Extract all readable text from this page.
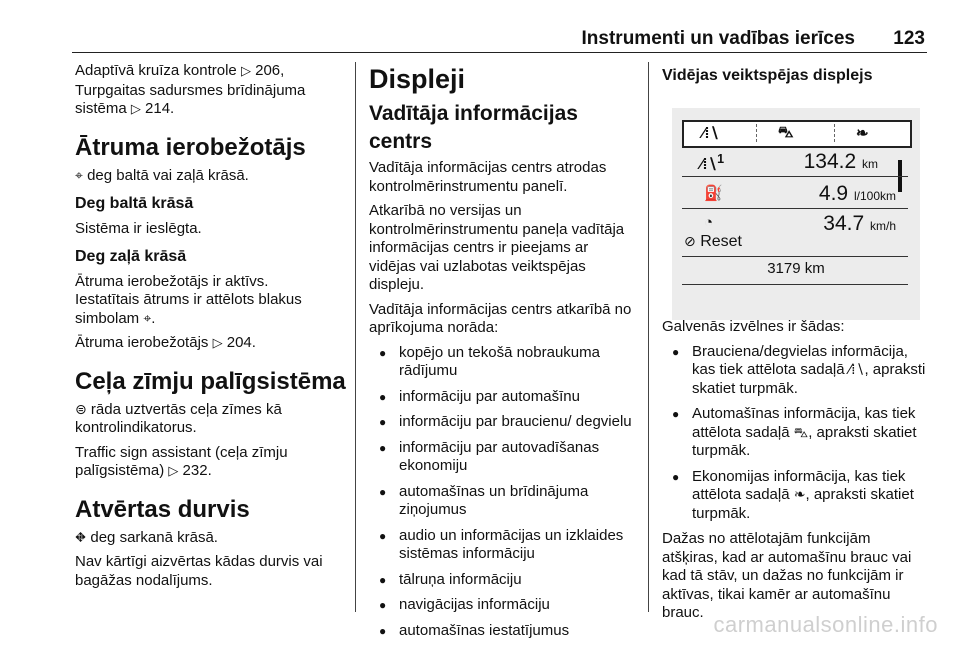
Instrumenti un vadības ierīces 123

Adaptīvā kruīza kontrole ▷ 206,
Turpgaitas sadursmes brīdinājuma sistēma ▷ 214.

Ātruma ierobežotājs

⌖ deg baltā vai zaļā krāsā.

Deg baltā krāsā

Sistēma ir ieslēgta.

Deg zaļā krāsā

Ātruma ierobežotājs ir aktīvs.

Iestatītais ātrums ir attēlots blakus simbolam ⌖.

Ātruma ierobežotājs ▷ 204.

Ceļa zīmju palīgsistēma

⊜ rāda uztvertās ceļa zīmes kā kontrolindikatorus.

Traffic sign assistant (ceļa zīmju palīgsistēma) ▷ 232.

Atvērtas durvis

⛖ deg sarkanā krāsā.

Nav kārtīgi aizvērtas kādas durvis vai bagāžas nodalījums.

Displeji
Vadītāja informācijas centrs

Vadītāja informācijas centrs atrodas kontrolmērinstrumentu panelī.

Atkarībā no versijas un kontrolmērinstrumentu paneļa vadītāja informācijas centrs ir pieejams ar vidējas vai uzlabotas veiktspējas displeju.

Vadītāja informācijas centrs atkarībā no aprīkojuma norāda:

● kopējo un tekošā nobraukuma rādījumu
● informāciju par automašīnu
● informāciju par braucienu/ degvielu
● informāciju par autovadīšanas ekonomiju
● automašīnas un brīdinājuma ziņojumus
● audio un informācijas un izklaides sistēmas informāciju
● tālruņa informāciju
● navigācijas informāciju
● automašīnas iestatījumus
Vidējas veiktspējas displejs
⁄⁞∖	⛍	❧
⁄⁞∖$^1$	134.2 km
⛽	4.9 l/100km
◔	34.7 km/h
⊘ Reset
3179 km

Galvenās izvēlnes ir šādas:

● Brauciena/degvielas informācija, kas tiek attēlota sadaļā ⁄⁞∖, apraksti skatiet turpmāk.
● Automašīnas informācija, kas tiek attēlota sadaļā ⛍, apraksti skatiet turpmāk.
● Ekonomijas informācija, kas tiek attēlota sadaļā ❧, apraksti skatiet turpmāk.

Dažas no attēlotajām funkcijām atšķiras, kad ar automašīnu brauc vai kad tā stāv, un dažas no funkcijām ir aktīvas, tikai kamēr ar automašīnu brauc. carmanualsonline.info
